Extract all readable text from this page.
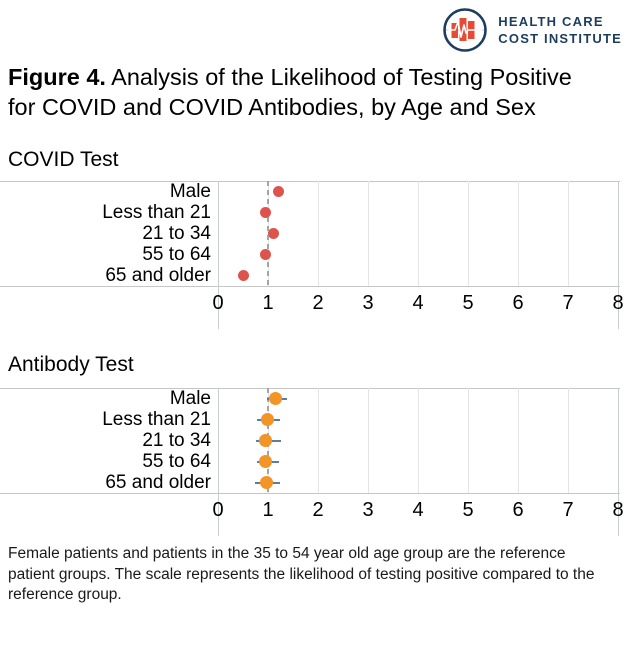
HEALTH CARE
COST INSTITUTE
Figure 4. Analysis of the Likelihood of Testing Positive for COVID and COVID Antibodies, by Age and Sex
COVID Test
0	1	2	3	4	5	6	7	8
Male
Less than 21
21 to 34
55 to 64
65 and older
Antibody Test
0	1	2	3	4	5	6	7	8
Male
Less than 21
21 to 34
55 to 64
65 and older

Female patients and patients in the 35 to 54 year old age group are the reference patient groups. The scale represents the likelihood of testing positive compared to the reference group.
